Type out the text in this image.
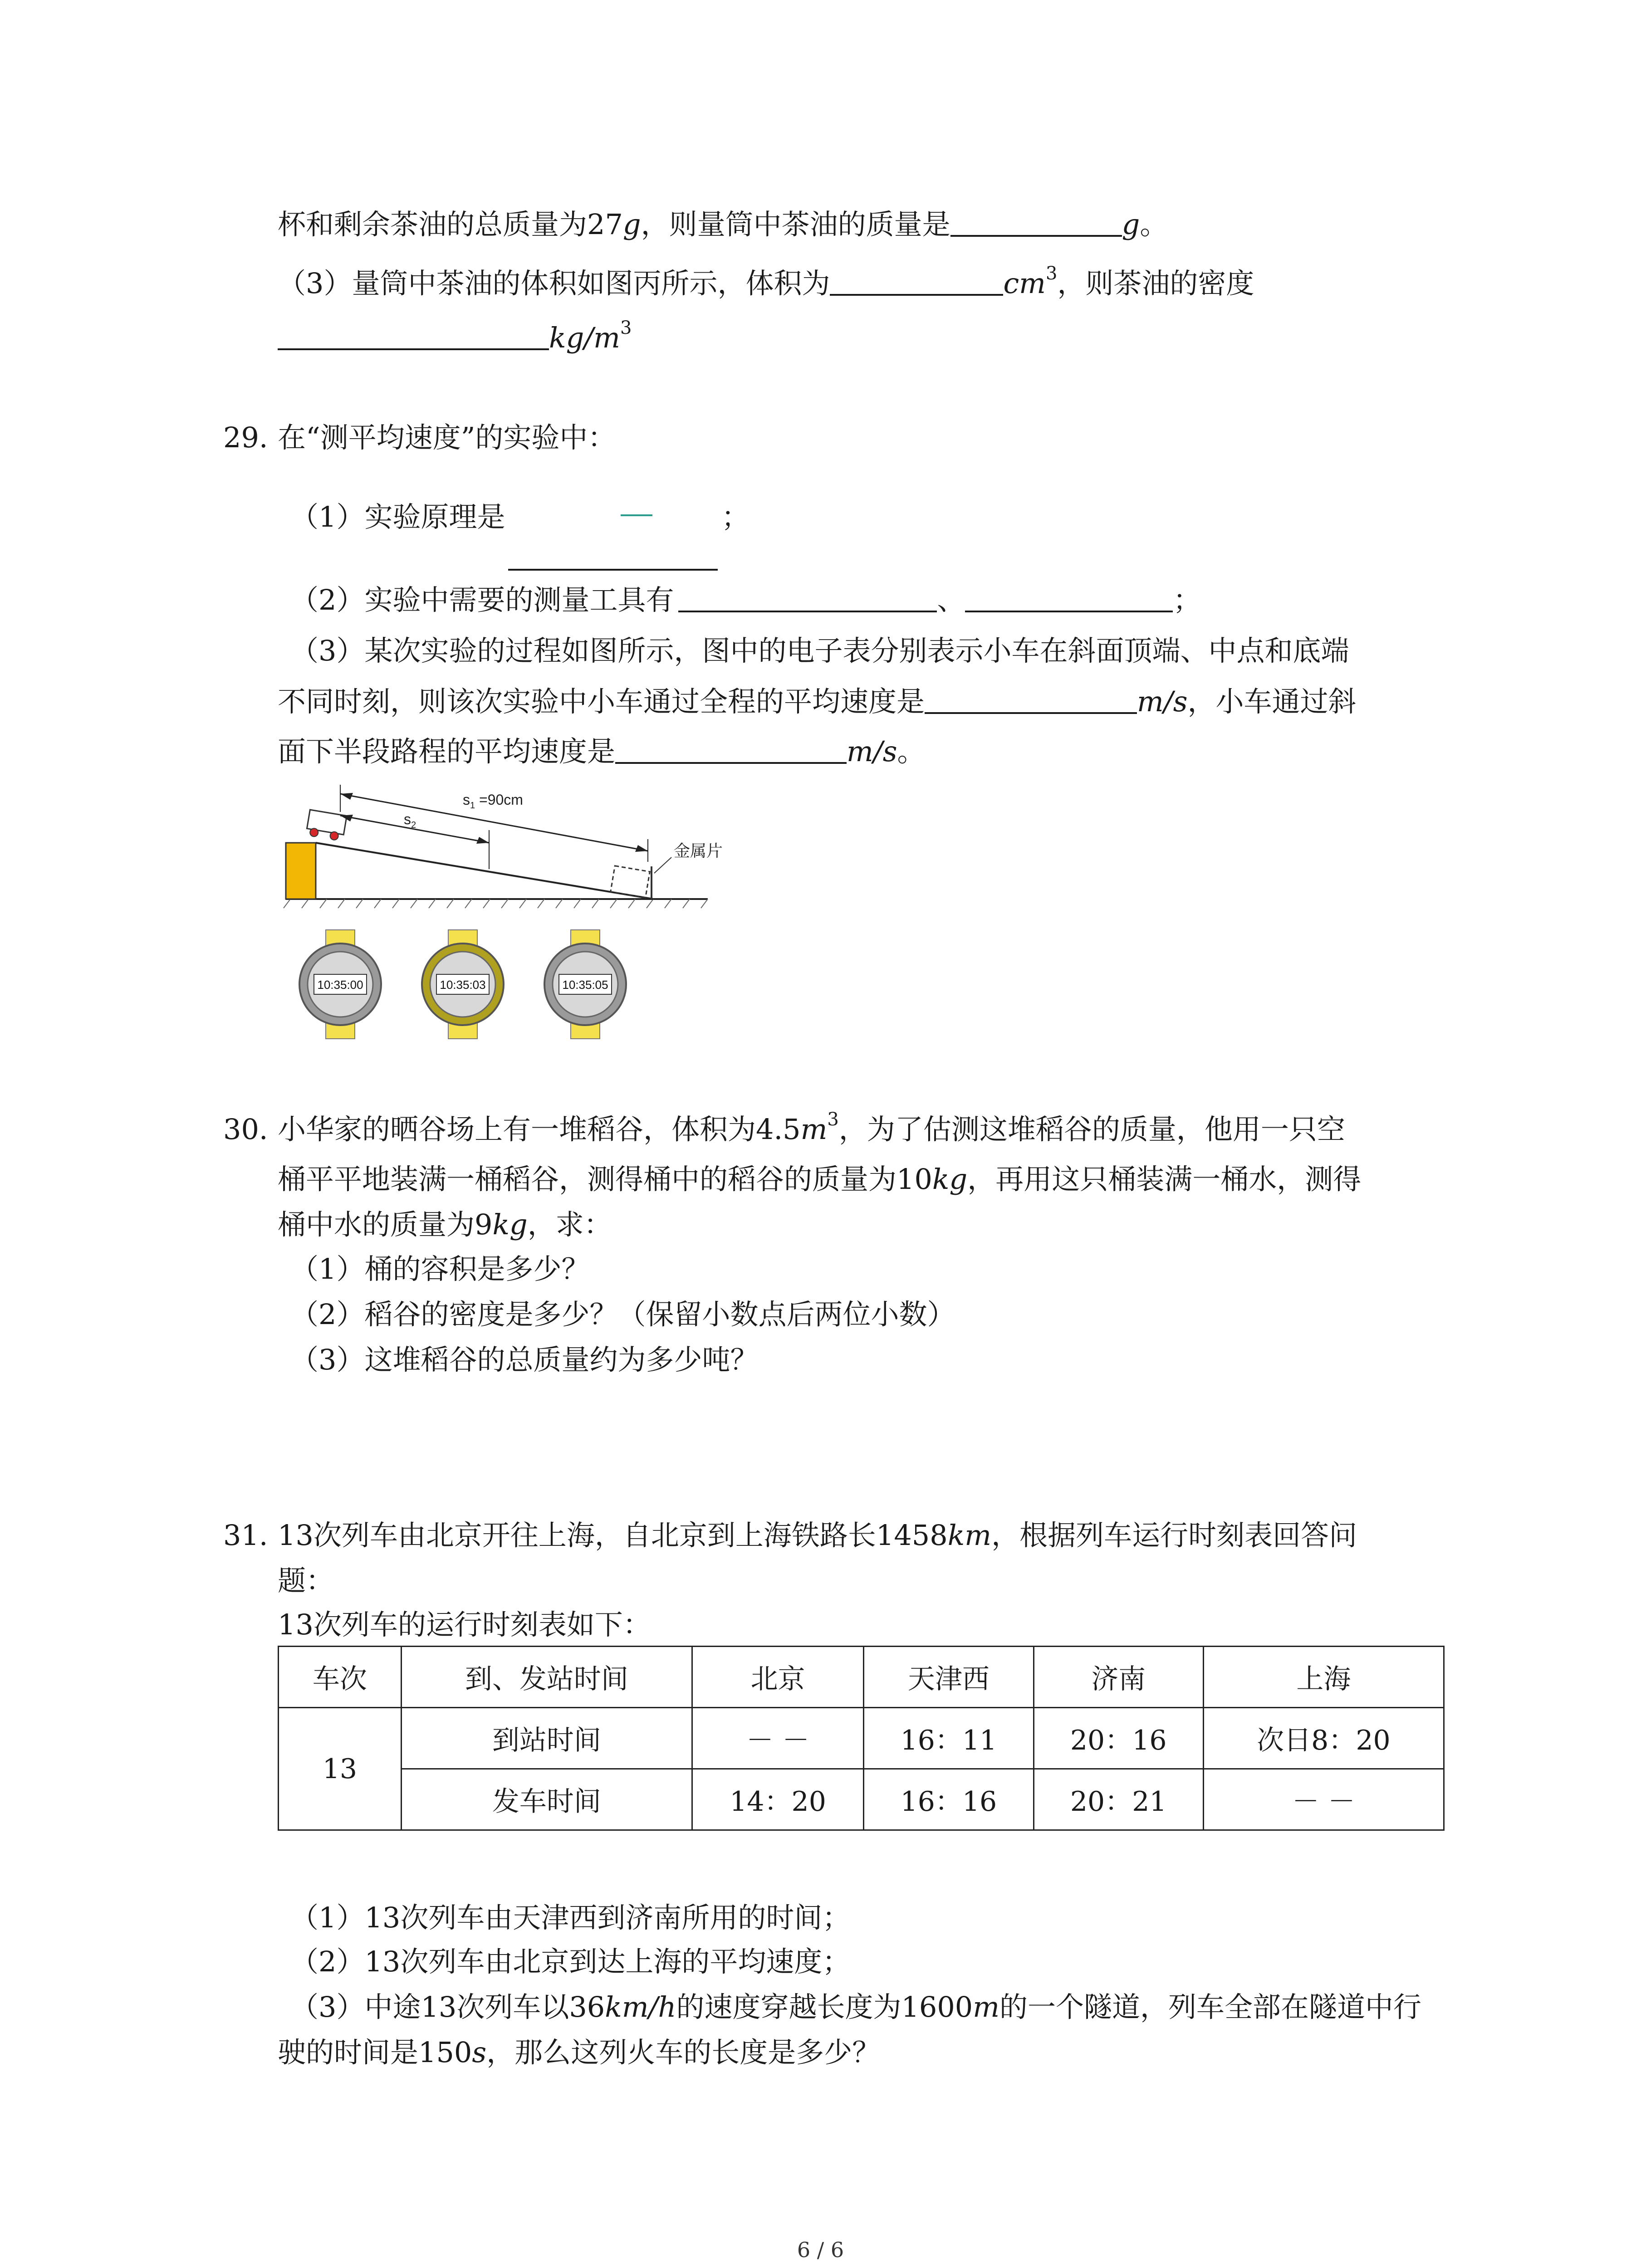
杯和剩余茶油的总质量为27g，则量筒中茶油的质量是	g。
（3）量筒中茶油的体积如图丙所示，体积为	$cm^3$，则茶油的密度
$kg/m^3$
29. 在“测平均速度”的实验中：
（1）实验原理是	；
（2）实验中需要的测量工具有	、	；
（3）某次实验的过程如图所示，图中的电子表分别表示小车在斜面顶端、中点和底端
不同时刻，则该次实验中小车通过全程的平均速度是	m/s，小车通过斜
面下半段路程的平均速度是	m/s。
$s_1 =90cm$
$s_2$
金属片
10:35:00	10:35:03	10:35:05
30. 小华家的晒谷场上有一堆稻谷，体积为$4.5m^3$，为了估测这堆稻谷的质量，他用一只空
桶平平地装满一桶稻谷，测得桶中的稻谷的质量为10kg，再用这只桶装满一桶水，测得
桶中水的质量为9kg，求：
（1）桶的容积是多少？
（2）稻谷的密度是多少？（保留小数点后两位小数）
（3）这堆稻谷的总质量约为多少吨？
31. 13次列车由北京开往上海，自北京到上海铁路长1458km，根据列车运行时刻表回答问
题：
13次列车的运行时刻表如下：
车次	到、发站时间	北京	天津西	济南	上海
13	到站时间	－ －	16：11	20：16	次日8：20
	发车时间	14：20	16：16	20：21	－ －
（1）13次列车由天津西到济南所用的时间；
（2）13次列车由北京到达上海的平均速度；
（3）中途13次列车以36km/h的速度穿越长度为1600m的一个隧道，列车全部在隧道中行
驶的时间是150s，那么这列火车的长度是多少？
6 / 6
